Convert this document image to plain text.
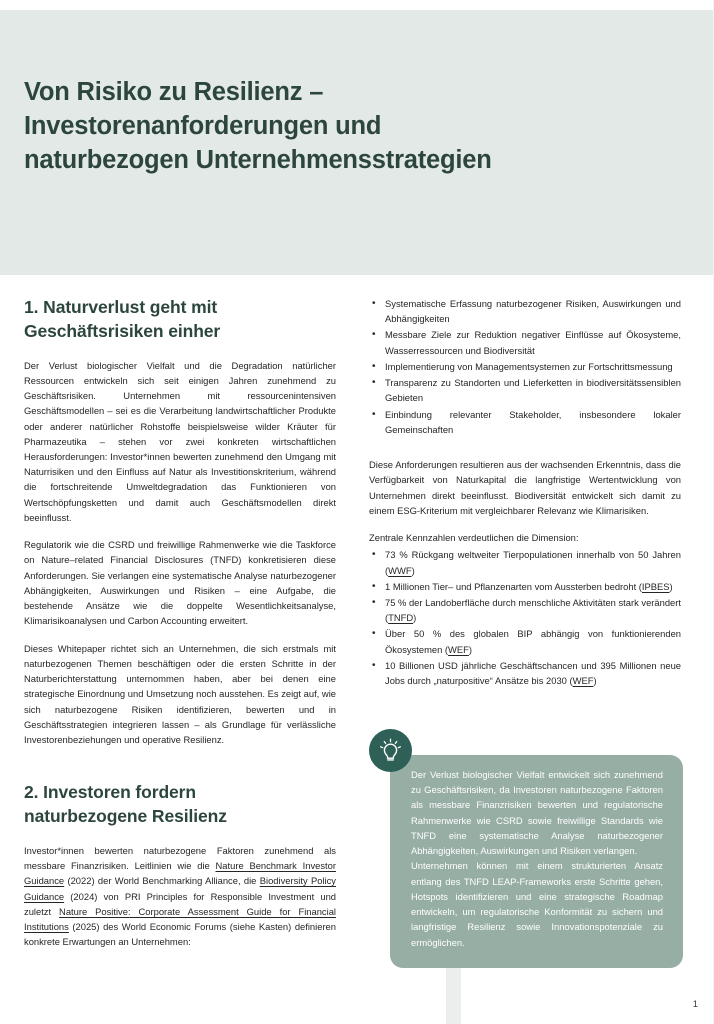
Von Risiko zu Resilienz –
Investorenanforderungen und
naturbezogen Unternehmensstrategien
1. Naturverlust geht mit
Geschäftsrisiken einher

Der Verlust biologischer Vielfalt und die Degradation natürlicher Ressourcen entwickeln sich seit einigen Jahren zunehmend zu Geschäftsrisiken. Unternehmen mit ressourcenintensiven Geschäftsmodellen – sei es die Verarbeitung landwirtschaftlicher Produkte oder anderer natürlicher Rohstoffe beispielsweise wilder Kräuter für Pharmazeutika – stehen vor zwei konkreten wirtschaftlichen Herausforderungen: Investor*innen bewerten zunehmend den Umgang mit Naturrisiken und den Einfluss auf Natur als Investitionskriterium, während die fortschreitende Umweltdegradation das Funktionieren von Wertschöpfungsketten und damit auch Geschäftsmodellen direkt beeinflusst.

Regulatorik wie die CSRD und freiwillige Rahmenwerke wie die Taskforce on Nature–related Financial Disclosures (TNFD) konkretisieren diese Anforderungen. Sie verlangen eine systematische Analyse naturbezogener Abhängigkeiten, Auswirkungen und Risiken – eine Aufgabe, die bestehende Ansätze wie die doppelte Wesentlichkeitsanalyse, Klimarisikoanalysen und Carbon Accounting erweitert.

Dieses Whitepaper richtet sich an Unternehmen, die sich erstmals mit naturbezogenen Themen beschäftigen oder die ersten Schritte in der Naturberichterstattung unternommen haben, aber bei denen eine strategische Einordnung und Umsetzung noch ausstehen. Es zeigt auf, wie sich naturbezogene Risiken identifizieren, bewerten und in Geschäftsstrategien integrieren lassen – als Grundlage für verlässliche Investorenbeziehungen und operative Resilienz.

2. Investoren fordern
naturbezogene Resilienz

Investor*innen bewerten naturbezogene Faktoren zunehmend als messbare Finanzrisiken. Leitlinien wie die Nature Benchmark Investor Guidance (2022) der World Benchmarking Alliance, die Biodiversity Policy Guidance (2024) von PRI Principles for Responsible Investment und zuletzt Nature Positive: Corporate Assessment Guide for Financial Institutions (2025) des World Economic Forums (siehe Kasten) definieren konkrete Erwartungen an Unternehmen:

• Systematische Erfassung naturbezogener Risiken, Auswirkungen und Abhängigkeiten
• Messbare Ziele zur Reduktion negativer Einflüsse auf Ökosysteme, Wasserressourcen und Biodiversität
• Implementierung von Managementsystemen zur Fortschrittsmessung
• Transparenz zu Standorten und Lieferketten in biodiversitätssensiblen Gebieten
• Einbindung relevanter Stakeholder, insbesondere lokaler Gemeinschaften

Diese Anforderungen resultieren aus der wachsenden Erkenntnis, dass die Verfügbarkeit von Naturkapital die langfristige Wertentwicklung von Unternehmen direkt beeinflusst. Biodiversität entwickelt sich damit zu einem ESG-Kriterium mit vergleichbarer Relevanz wie Klimarisiken.

Zentrale Kennzahlen verdeutlichen die Dimension:

• 73 % Rückgang weltweiter Tierpopulationen innerhalb von 50 Jahren (WWF)
• 1 Millionen Tier– und Pflanzenarten vom Aussterben bedroht (IPBES)
• 75 % der Landoberfläche durch menschliche Aktivitäten stark verändert (TNFD)
• Über 50 % des globalen BIP abhängig von funktionierenden Ökosystemen (WEF)
• 10 Billionen USD jährliche Geschäftschancen und 395 Millionen neue Jobs durch „naturpositive“ Ansätze bis 2030 (WEF)

Der Verlust biologischer Vielfalt entwickelt sich zunehmend zu Geschäftsrisiken, da Investoren naturbezogene Faktoren als messbare Finanzrisiken bewerten und regulatorische Rahmenwerke wie CSRD sowie freiwillige Standards wie TNFD eine systematische Analyse naturbezogener Abhängigkeiten, Auswirkungen und Risiken verlangen.

Unternehmen können mit einem strukturierten Ansatz entlang des TNFD LEAP-Frameworks erste Schritte gehen, Hotspots identifizieren und eine strategische Roadmap entwickeln, um regulatorische Konformität zu sichern und langfristige Resilienz sowie Innovationspotenziale zu ermöglichen.

1
